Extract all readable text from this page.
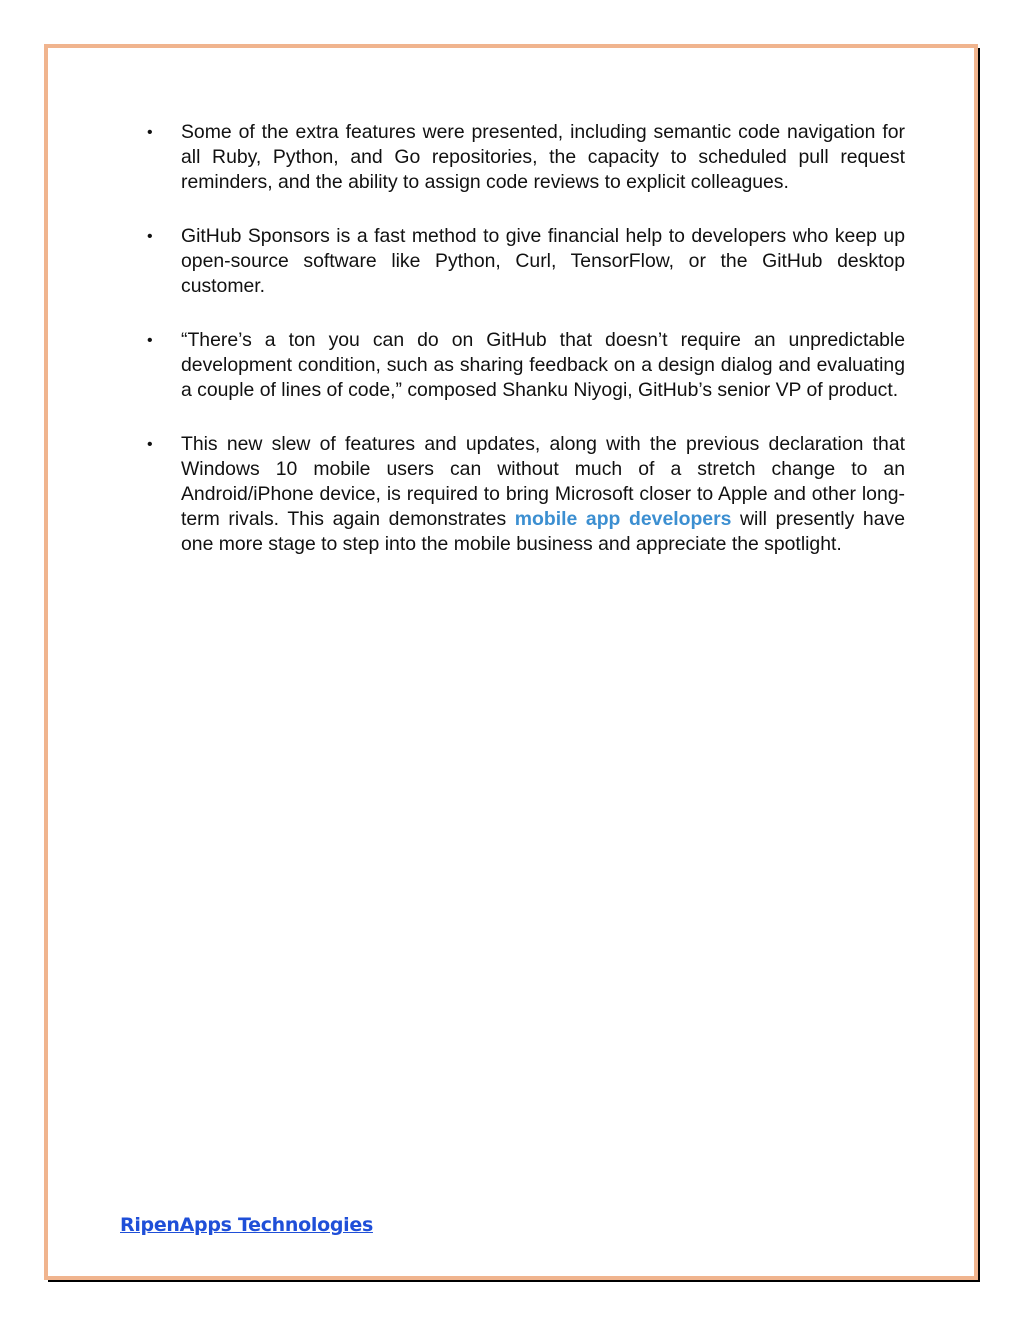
• Some of the extra features were presented, including semantic code navigation for all Ruby, Python, and Go repositories, the capacity to scheduled pull request reminders, and the ability to assign code reviews to explicit colleagues.

• GitHub Sponsors is a fast method to give financial help to developers who keep up open-source software like Python, Curl, TensorFlow, or the GitHub desktop customer.

• “There’s a ton you can do on GitHub that doesn’t require an unpredictable development condition, such as sharing feedback on a design dialog and evaluating a couple of lines of code,” composed Shanku Niyogi, GitHub’s senior VP of product.

• This new slew of features and updates, along with the previous declaration that Windows 10 mobile users can without much of a stretch change to an Android/iPhone device, is required to bring Microsoft closer to Apple and other long-term rivals. This again demonstrates mobile app developers will presently have one more stage to step into the mobile business and appreciate the spotlight.

RipenApps Technologies
